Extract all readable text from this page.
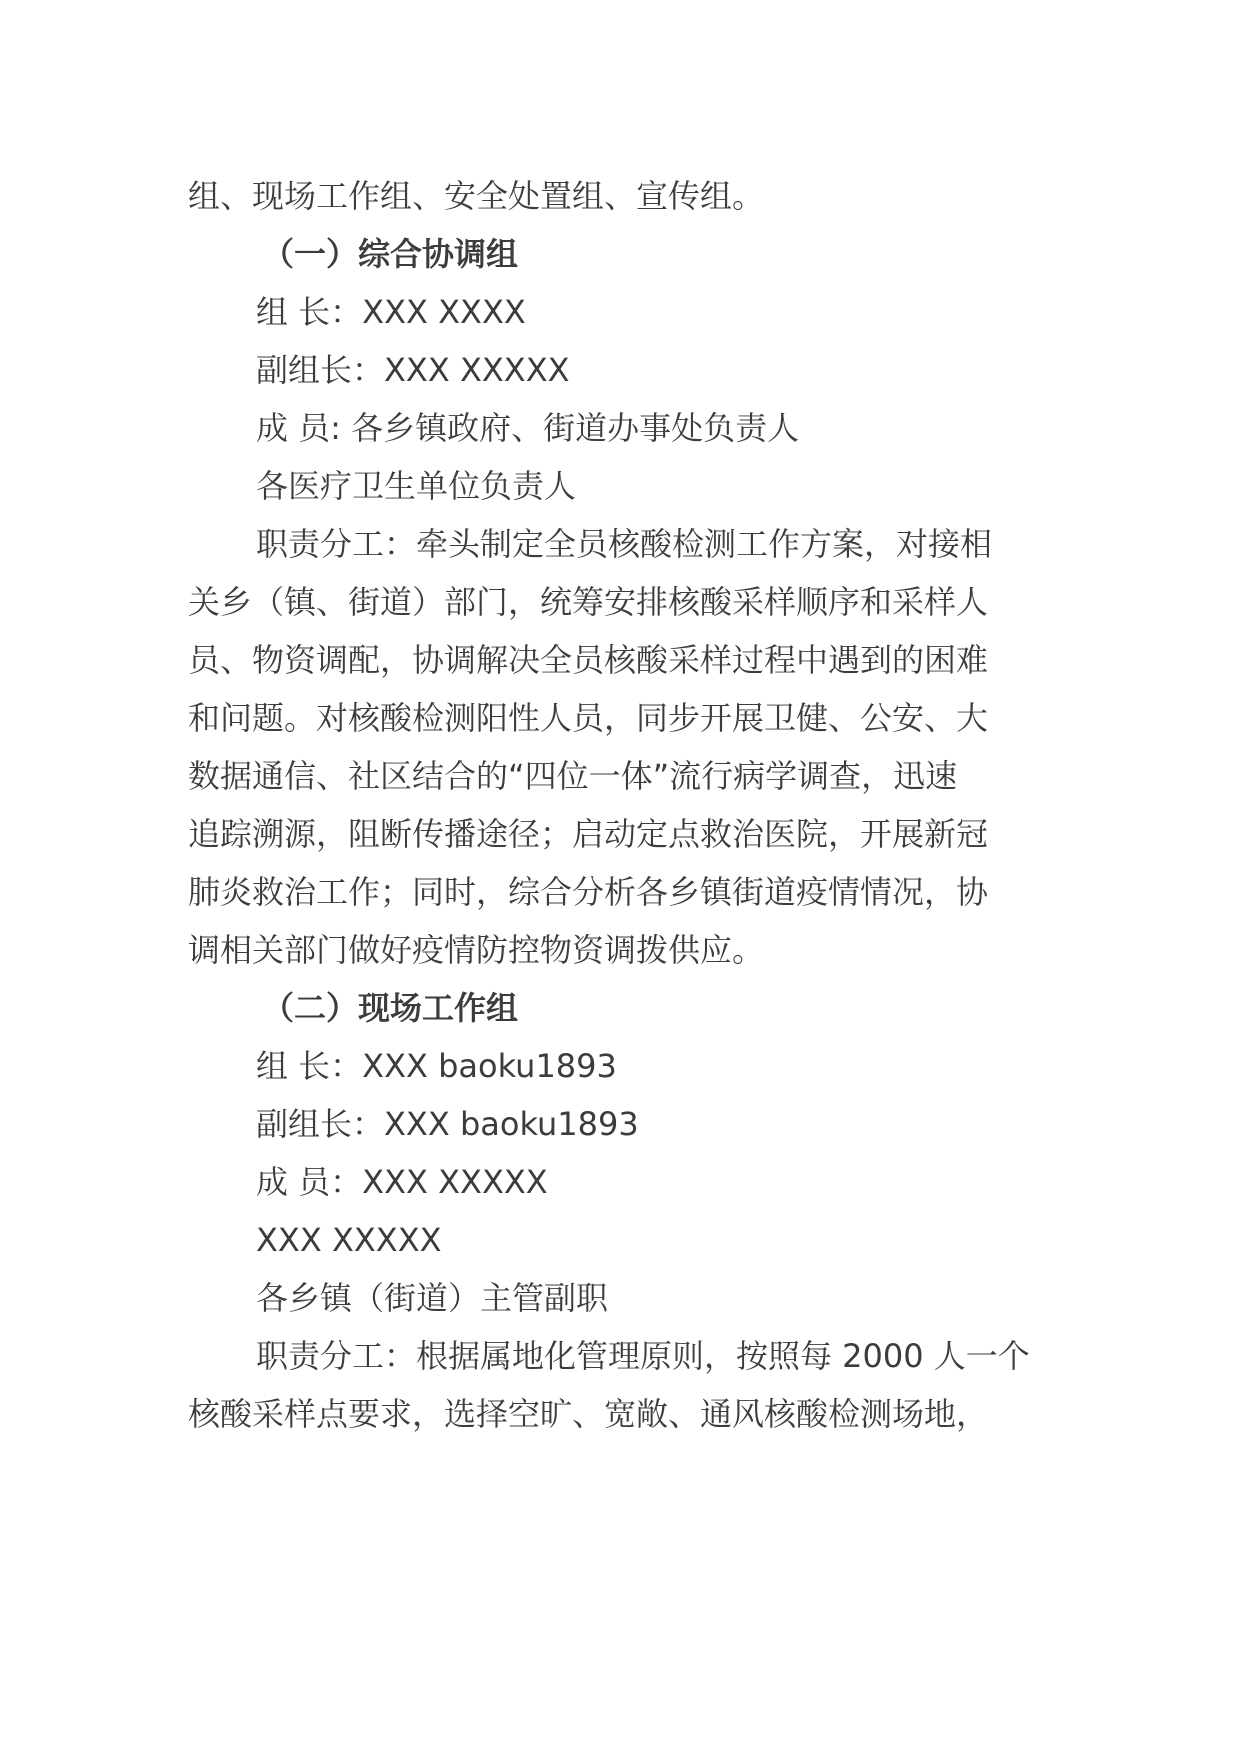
组、现场工作组、安全处置组、宣传组。
（一）综合协调组
组 长：XXX XXXX
副组长：XXX XXXXX
成 员: 各乡镇政府、街道办事处负责人
各医疗卫生单位负责人
职责分工：牵头制定全员核酸检测工作方案，对接相
关乡（镇、街道）部门，统筹安排核酸采样顺序和采样人
员、物资调配，协调解决全员核酸采样过程中遇到的困难
和问题。对核酸检测阳性人员，同步开展卫健、公安、大
数据通信、社区结合的“四位一体”流行病学调查，迅速
追踪溯源，阻断传播途径；启动定点救治医院，开展新冠
肺炎救治工作；同时，综合分析各乡镇街道疫情情况，协
调相关部门做好疫情防控物资调拨供应。
（二）现场工作组
组 长：XXX baoku1893
副组长：XXX baoku1893
成 员：XXX XXXXX
XXX XXXXX
各乡镇（街道）主管副职
职责分工：根据属地化管理原则，按照每 2000 人一个
核酸采样点要求，选择空旷、宽敞、通风核酸检测场地，
